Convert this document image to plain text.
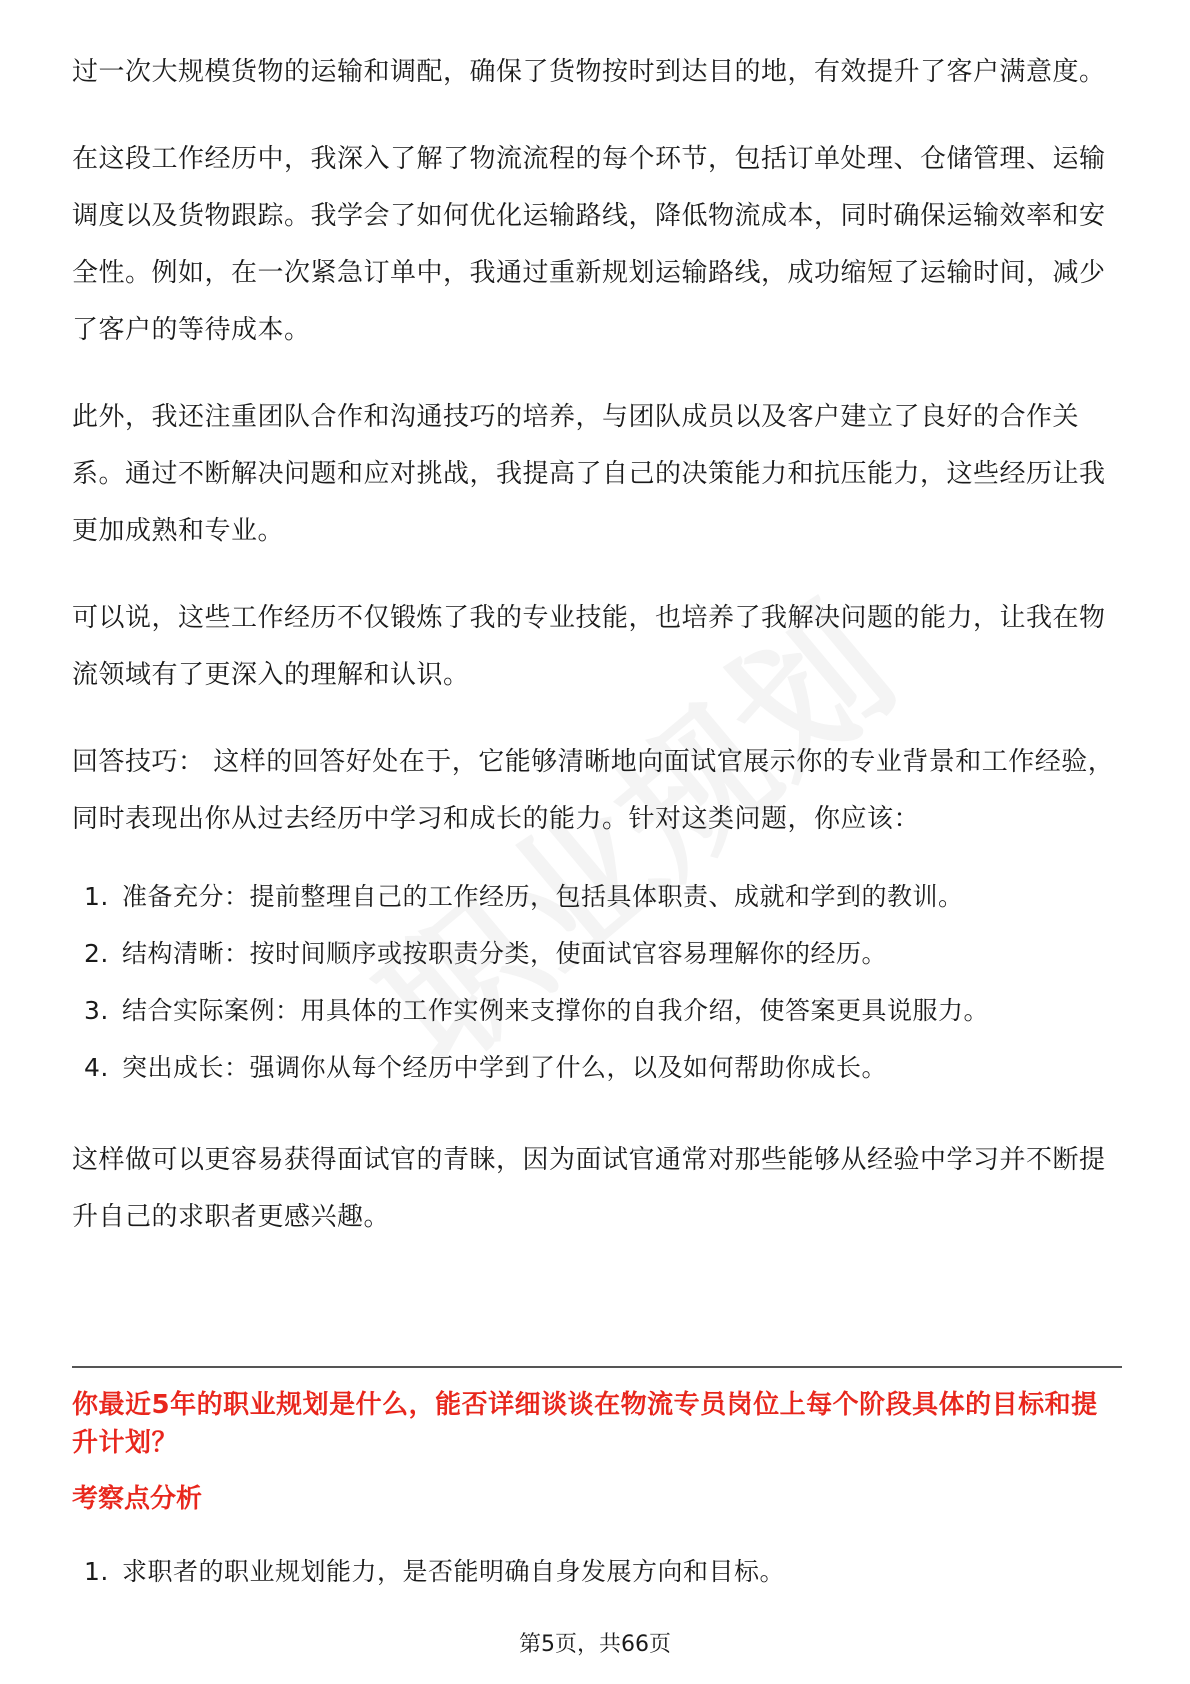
过一次大规模货物的运输和调配，确保了货物按时到达目的地，有效提升了客户满意度。

在这段工作经历中，我深入了解了物流流程的每个环节，包括订单处理、仓储管理、运输调度以及货物跟踪。我学会了如何优化运输路线，降低物流成本，同时确保运输效率和安全性。例如，在一次紧急订单中，我通过重新规划运输路线，成功缩短了运输时间，减少了客户的等待成本。

此外，我还注重团队合作和沟通技巧的培养，与团队成员以及客户建立了良好的合作关系。通过不断解决问题和应对挑战，我提高了自己的决策能力和抗压能力，这些经历让我更加成熟和专业。

可以说，这些工作经历不仅锻炼了我的专业技能，也培养了我解决问题的能力，让我在物流领域有了更深入的理解和认识。

回答技巧： 这样的回答好处在于，它能够清晰地向面试官展示你的专业背景和工作经验，同时表现出你从过去经历中学习和成长的能力。针对这类问题，你应该：

1. 准备充分：提前整理自己的工作经历，包括具体职责、成就和学到的教训。
2. 结构清晰：按时间顺序或按职责分类，使面试官容易理解你的经历。
3. 结合实际案例：用具体的工作实例来支撑你的自我介绍，使答案更具说服力。
4. 突出成长：强调你从每个经历中学到了什么，以及如何帮助你成长。

这样做可以更容易获得面试官的青睐，因为面试官通常对那些能够从经验中学习并不断提升自己的求职者更感兴趣。

你最近5年的职业规划是什么，能否详细谈谈在物流专员岗位上每个阶段具体的目标和提升计划？
考察点分析
1. 求职者的职业规划能力，是否能明确自身发展方向和目标。
第5页，共66页
